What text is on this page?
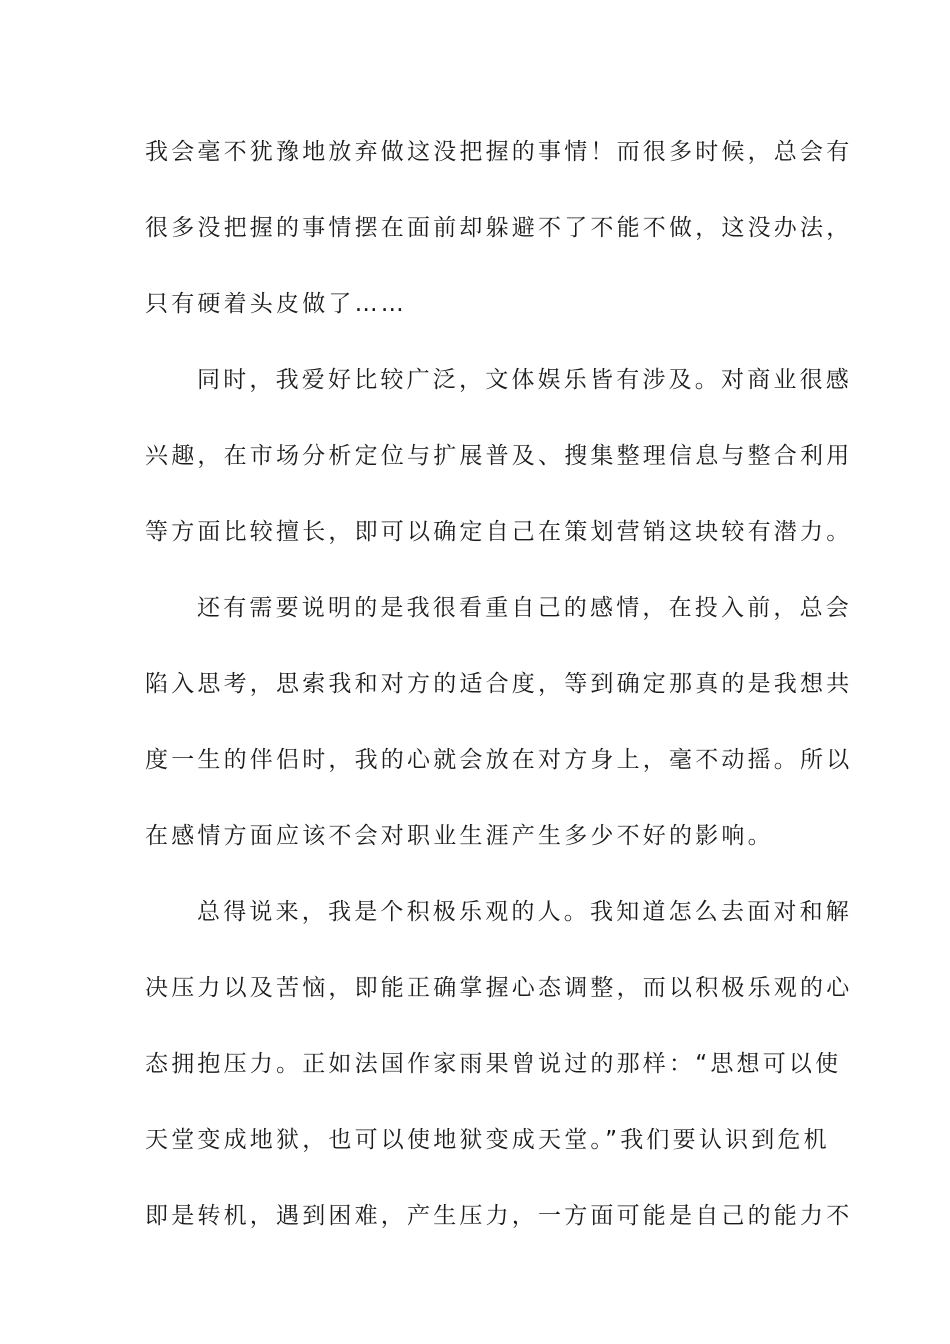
我会毫不犹豫地放弃做这没把握的事情！而很多时候，总会有
很多没把握的事情摆在面前却躲避不了不能不做，这没办法，
只有硬着头皮做了……
同时，我爱好比较广泛，文体娱乐皆有涉及。对商业很感
兴趣，在市场分析定位与扩展普及、搜集整理信息与整合利用
等方面比较擅长，即可以确定自己在策划营销这块较有潜力。
还有需要说明的是我很看重自己的感情，在投入前，总会
陷入思考，思索我和对方的适合度，等到确定那真的是我想共
度一生的伴侣时，我的心就会放在对方身上，毫不动摇。所以
在感情方面应该不会对职业生涯产生多少不好的影响。
总得说来，我是个积极乐观的人。我知道怎么去面对和解
决压力以及苦恼，即能正确掌握心态调整，而以积极乐观的心
态拥抱压力。正如法国作家雨果曾说过的那样：“思想可以使
天堂变成地狱，也可以使地狱变成天堂。”我们要认识到危机
即是转机，遇到困难，产生压力，一方面可能是自己的能力不
